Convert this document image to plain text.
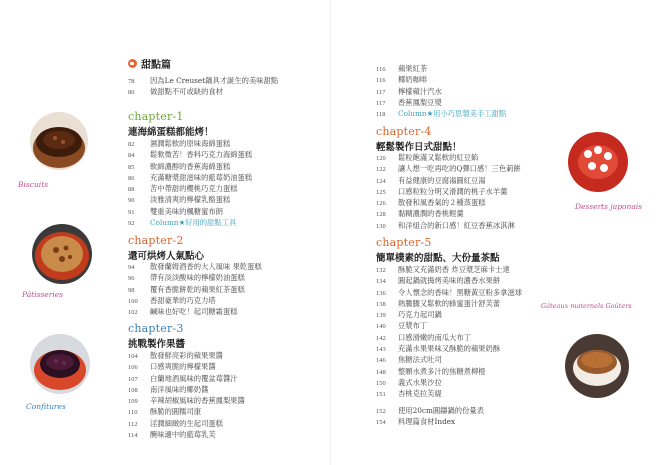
甜點篇
78	因為Le Creuset鍋具才誕生的美味甜點
80	做甜點不可或缺的食材
chapter-1
連海綿蛋糕都能烤！
82	濕潤鬆軟的原味海綿蛋糕
84	鬆軟微苦！香料巧克力海綿蛋糕
85	軟綿濃醇的香蕉海綿蛋糕
86	充滿糖漿甜滋味的藍莓奶油蛋糕
88	苦中帶甜的櫻桃巧克力蛋糕
90	淡雅清爽的檸檬乳酪蛋糕
91	雙重美味的楓糖蜜布朗
92	Column★好用的甜點工具
Biscuits
chapter-2
還可烘烤人氣點心
94	散發蘭姆酒香的大人風味 果乾蛋糕
96	帶有淡淡酸味的檸檬奶油蛋糕
98	覆有香脆餅乾的蘋果紅茶蛋糕
100	香甜豪華的巧克力塔
102	鹹味也好吃！起司糖霜蛋糕
Pâtisseries
chapter-3
挑戰製作果醬
104	散發鮮亮彩的蘋果果醬
106	口感爽脆的檸檬果醬
107	白蘭地酒風味的覆盆莓醬汁
108	南洋風味的椰奶醬
109	辛辣胡椒風味的香蕉鳳梨果醬
110	酥脆的圓糯司康
112	淫潤細緻的生起司蛋糕
114	醃味適中的藍莓乳芙
Confitures
116	蘋果紅茶
116	椰奶咖啡
117	檸檬蘋汁汽水
117	香蕉鳳梨豆漿
118	Column★用小巧思製美手工甜點
chapter-4
輕鬆製作日式甜點！
120	鬆粒飽滿又鬆軟的紅豆餡
122	讓人想一吃再吃的Q彈口感！三色莿餅
124	有益健康的豆腐湯圓紅豆湯
125	口感粒粒分明又滑潤的桃子水羊羹
126	散發和風香氣的２種蒸蛋糕
128	黏糊濃潤的香桃輕羹
130	和洋組合的新口感！紅豆香蕉冰淇淋
Desserts japonais
chapter-5
簡單樸素的甜點、大份量茶點
132	酥脆又充滿奶香 炸豆漿芝麻卡士達
134	圓起鍋就搗烤美味的濃香水果餅
136	令人懷念的香味！黑糖黃豆粉多拿滋球
138	熱騰騰又鬆軟的蜂蜜蛋汁舒芙蕾
139	巧克力起司鍋
140	豆漿布丁
142	口感滑嫩的南瓜大布丁
143	充滿水果果味又酥脆的蘋果奶酥
146	焦糖法式吐司
148	整顆水煮多汁的焦糖煮柳橙
150	義式水果沙拉
151	杏桃克拉芙緹
152	使用20cm圓鑄鍋的份量表
154	料理篇食材Index
Gâteaux maternels Goûters
